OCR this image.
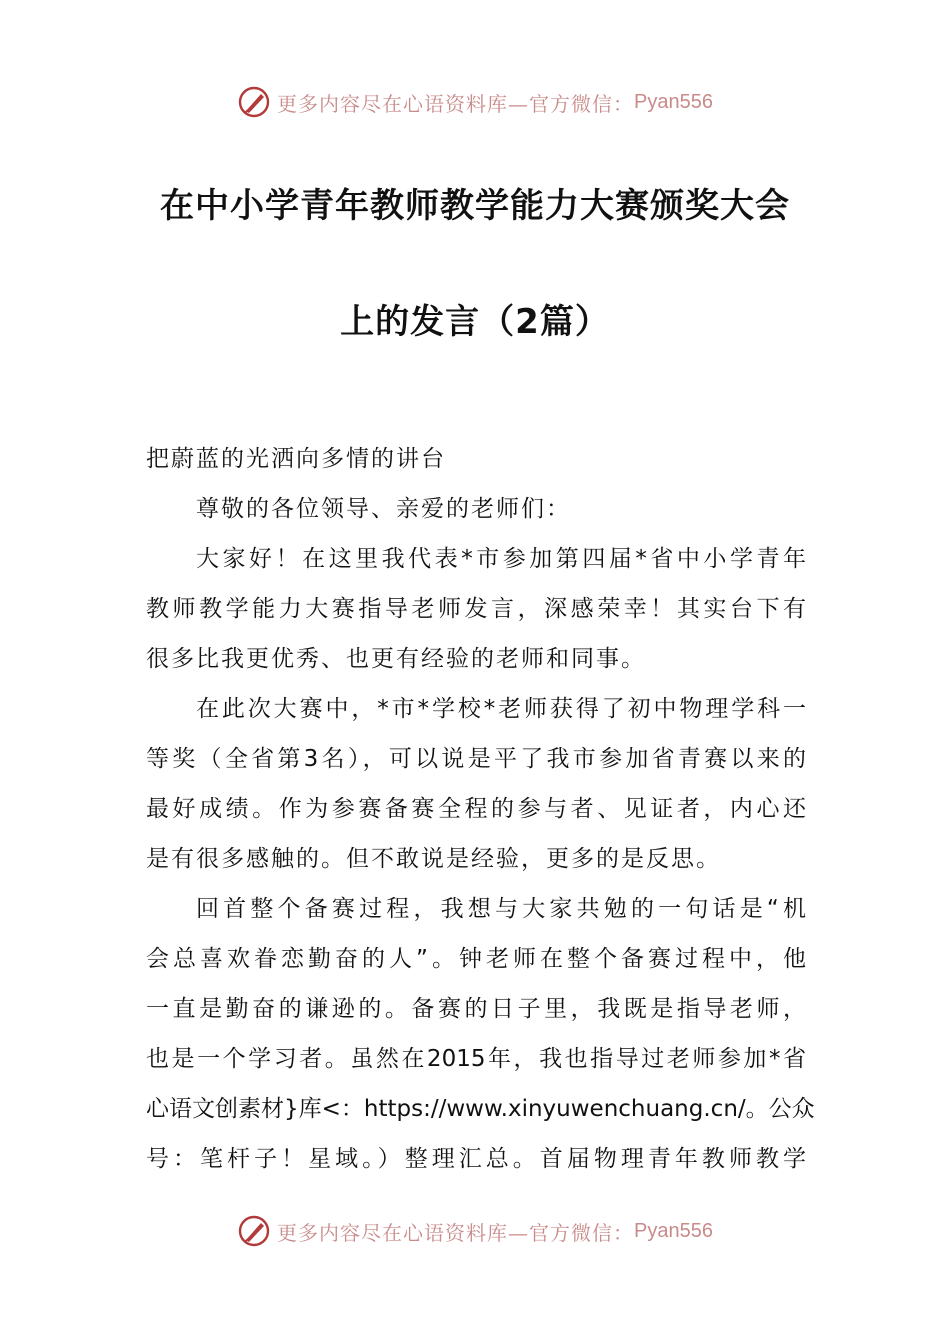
更多内容尽在心语资料库—官方微信： Pyan556
在中小学青年教师教学能力大赛颁奖大会
上的发言（2篇）
把蔚蓝的光洒向多情的讲台
尊敬的各位领导、亲爱的老师们：
大家好！在这里我代表*市参加第四届*省中小学青年
教师教学能力大赛指导老师发言，深感荣幸！其实台下有
很多比我更优秀、也更有经验的老师和同事。
在此次大赛中，*市*学校*老师获得了初中物理学科一
等奖（全省第3名），可以说是平了我市参加省青赛以来的
最好成绩。作为参赛备赛全程的参与者、见证者，内心还
是有很多感触的。但不敢说是经验，更多的是反思。
回首整个备赛过程，我想与大家共勉的一句话是“机
会总喜欢眷恋勤奋的人”。钟老师在整个备赛过程中，他
一直是勤奋的谦逊的。备赛的日子里，我既是指导老师，
也是一个学习者。虽然在2015年，我也指导过老师参加*省
心语文创素材}库<：https://www.xinyuwenchuang.cn/。公众
号：笔杆子！星域。）整理汇总。首届物理青年教师教学
更多内容尽在心语资料库—官方微信： Pyan556
